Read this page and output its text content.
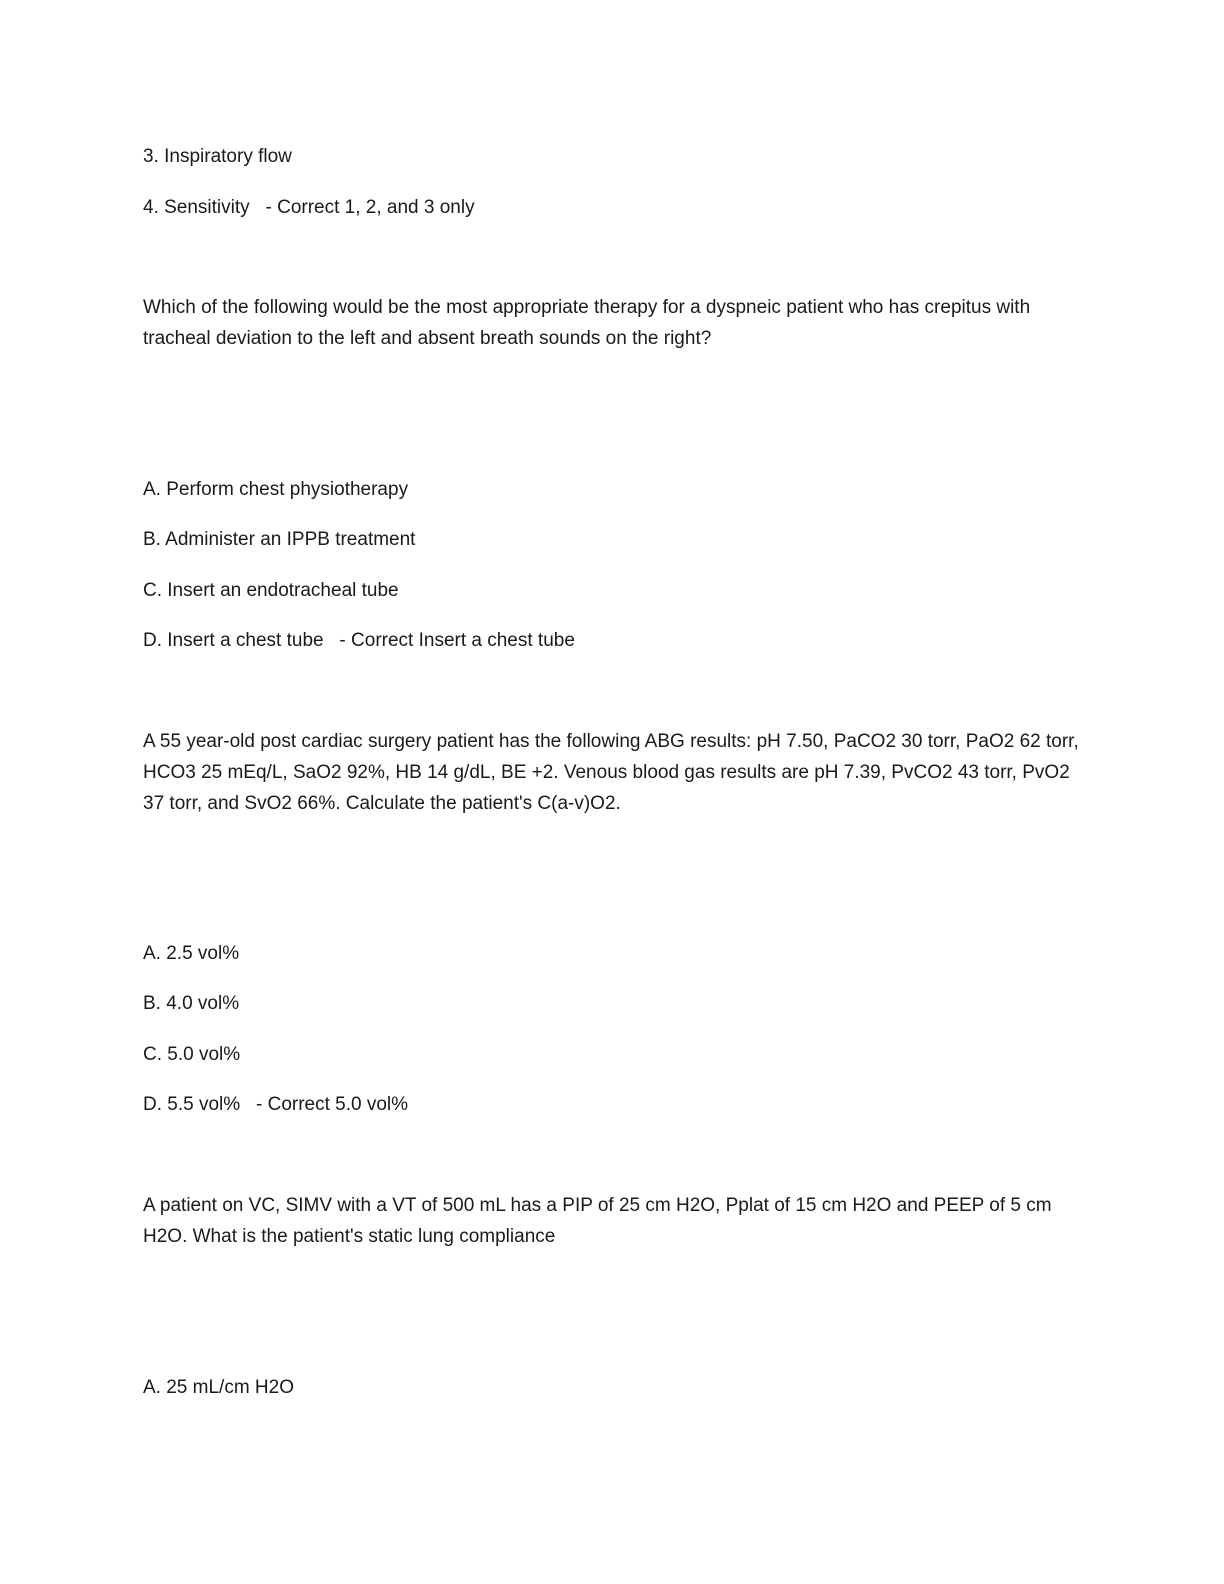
3. Inspiratory flow

4. Sensitivity   - Correct 1, 2, and 3 only

Which of the following would be the most appropriate therapy for a dyspneic patient who has crepitus with tracheal deviation to the left and absent breath sounds on the right?

A. Perform chest physiotherapy

B. Administer an IPPB treatment

C. Insert an endotracheal tube

D. Insert a chest tube   - Correct Insert a chest tube

A 55 year-old post cardiac surgery patient has the following ABG results: pH 7.50, PaCO2 30 torr, PaO2 62 torr, HCO3 25 mEq/L, SaO2 92%, HB 14 g/dL, BE +2. Venous blood gas results are pH 7.39, PvCO2 43 torr, PvO2 37 torr, and SvO2 66%. Calculate the patient's C(a-v)O2.

A. 2.5 vol%

B. 4.0 vol%

C. 5.0 vol%

D. 5.5 vol%   - Correct 5.0 vol%

A patient on VC, SIMV with a VT of 500 mL has a PIP of 25 cm H2O, Pplat of 15 cm H2O and PEEP of 5 cm H2O. What is the patient's static lung compliance

A. 25 mL/cm H2O
